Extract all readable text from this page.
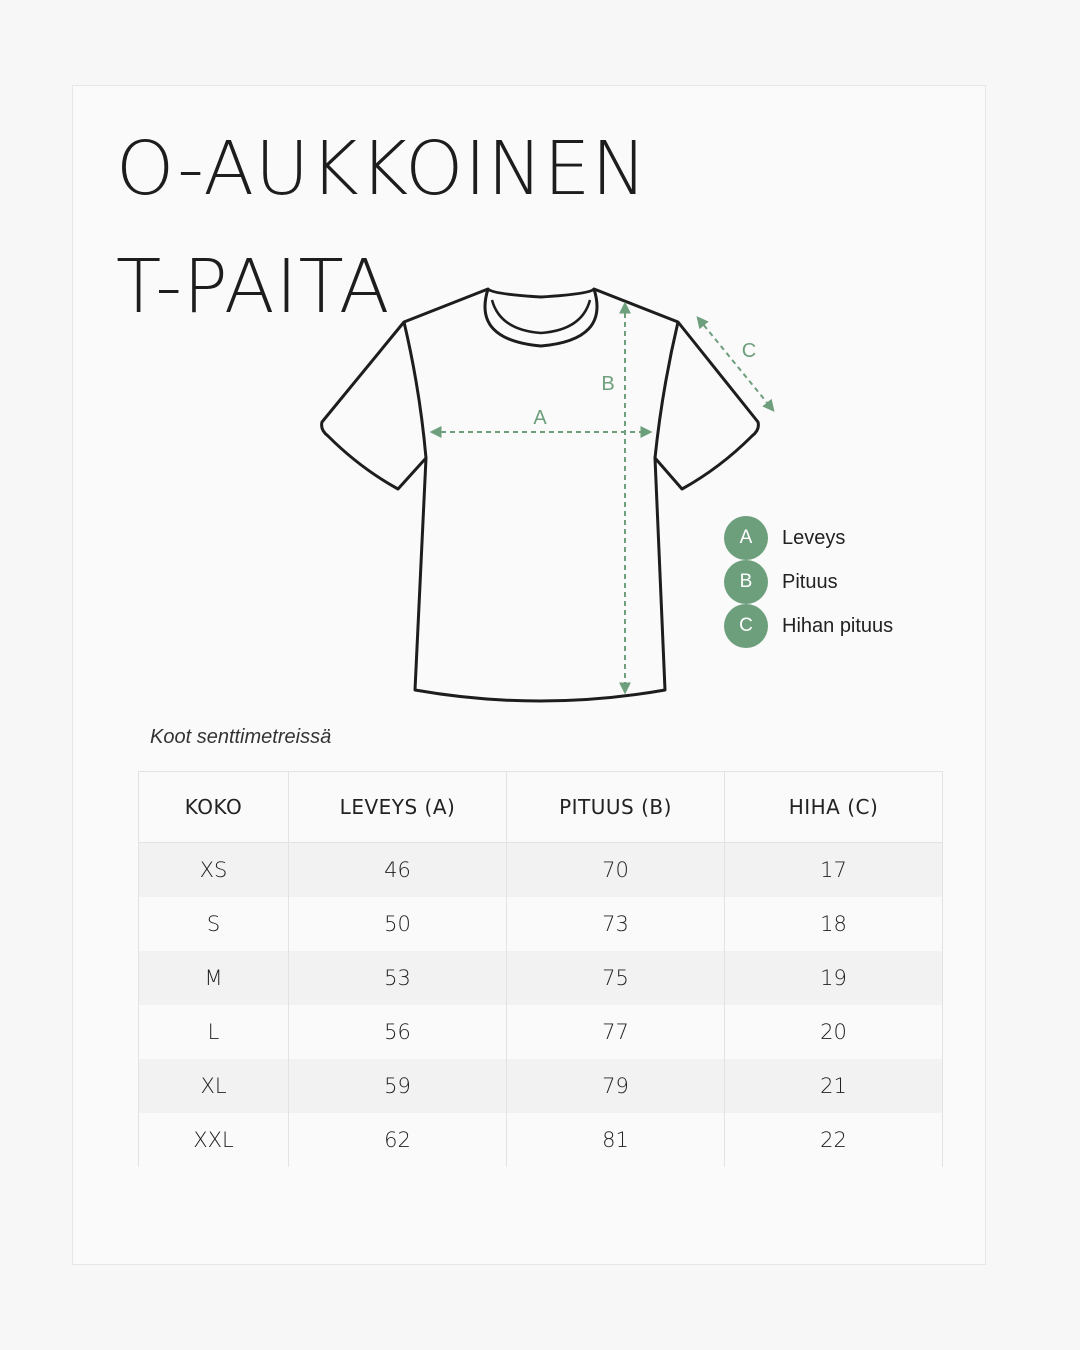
O-AUKKOINEN
T-PAITA
A
B
C
A	Leveys
B	Pituus
C	Hihan pituus
Koot senttimetreissä
KOKO	LEVEYS (A)	PITUUS (B)	HIHA (C)
XS	46	70	17
S	50	73	18
M	53	75	19
L	56	77	20
XL	59	79	21
XXL	62	81	22
